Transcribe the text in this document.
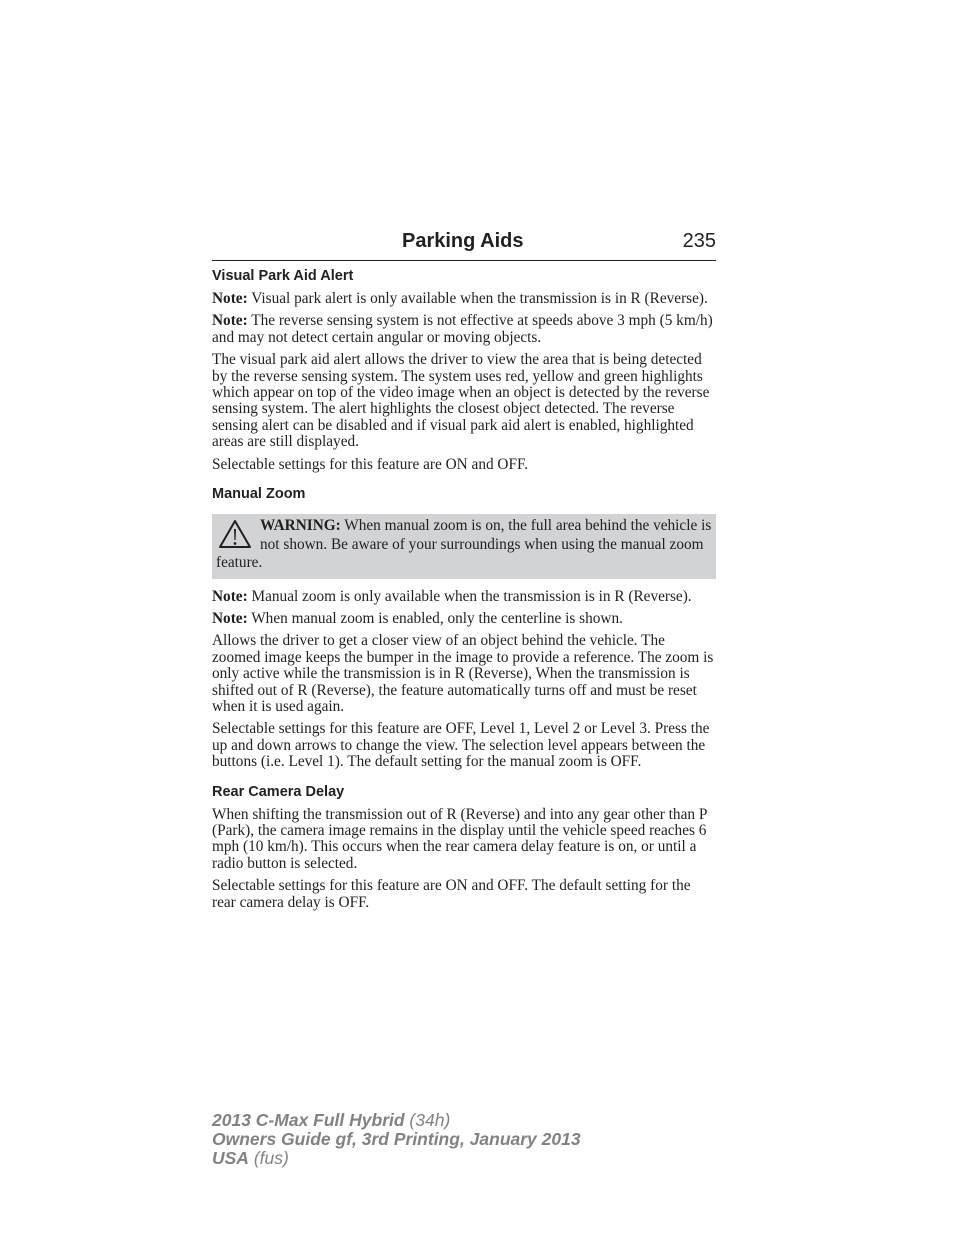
Parking Aids	235
Visual Park Aid Alert

Note: Visual park alert is only available when the transmission is in R (Reverse).

Note: The reverse sensing system is not effective at speeds above 3 mph (5 km/h) and may not detect certain angular or moving objects.

The visual park aid alert allows the driver to view the area that is being detected by the reverse sensing system. The system uses red, yellow and green highlights which appear on top of the video image when an object is detected by the reverse sensing system. The alert highlights the closest object detected. The reverse sensing alert can be disabled and if visual park aid alert is enabled, highlighted areas are still displayed.

Selectable settings for this feature are ON and OFF.

Manual Zoom
WARNING: When manual zoom is on, the full area behind the vehicle is not shown. Be aware of your surroundings when using the manual zoom feature.

Note: Manual zoom is only available when the transmission is in R (Reverse).

Note: When manual zoom is enabled, only the centerline is shown.

Allows the driver to get a closer view of an object behind the vehicle. The zoomed image keeps the bumper in the image to provide a reference. The zoom is only active while the transmission is in R (Reverse), When the transmission is shifted out of R (Reverse), the feature automatically turns off and must be reset when it is used again.

Selectable settings for this feature are OFF, Level 1, Level 2 or Level 3. Press the up and down arrows to change the view. The selection level appears between the buttons (i.e. Level 1). The default setting for the manual zoom is OFF.

Rear Camera Delay

When shifting the transmission out of R (Reverse) and into any gear other than P (Park), the camera image remains in the display until the vehicle speed reaches 6 mph (10 km/h). This occurs when the rear camera delay feature is on, or until a radio button is selected.

Selectable settings for this feature are ON and OFF. The default setting for the rear camera delay is OFF.

2013 C-Max Full Hybrid (34h)
Owners Guide gf, 3rd Printing, January 2013
USA (fus)
